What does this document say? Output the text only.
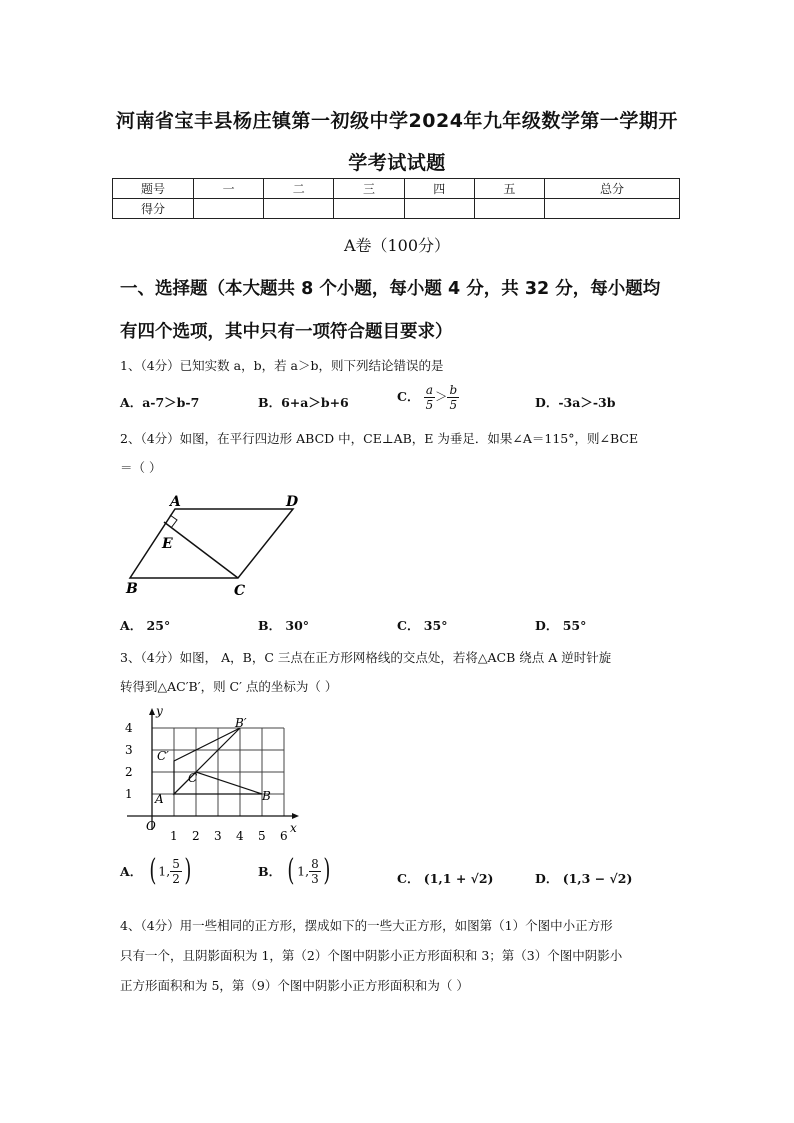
河南省宝丰县杨庄镇第一初级中学2024年九年级数学第一学期开
学考试试题
题号	一	二	三	四	五	总分
得分						
A卷（100分）
一、选择题（本大题共 8 个小题，每小题 4 分，共 32 分，每小题均
有四个选项，其中只有一项符合题目要求）
1、（4分）已知实数 a，b，若 a＞b，则下列结论错误的是
A．a-7＞b-7	B．6+a＞b+6	C． $\frac{a}{5} > \frac{b}{5}$	D．-3a＞-3b
2、（4分）如图，在平行四边形 ABCD 中，CE⊥AB，E 为垂足．如果∠A＝115°，则∠BCE
＝（ ）
A	D
E
B	C
A． 25°	B． 30°	C． 35°	D． 55°
3、（4分）如图， A，B，C 三点在正方形网格线的交点处，若将△ACB 绕点 A 逆时针旋
转得到△AC′B′，则 C′ 点的坐标为（ ）
4
3
2
1
1 2 3 4 5 6
O	x
y
A	B
C
B′
C′
A． ( 1, $\frac{5}{2}$ )	B． ( 1, $\frac{8}{3}$ )	C． (1,1 + √2)	D． (1,3 − √2)
4、（4分）用一些相同的正方形，摆成如下的一些大正方形，如图第（1）个图中小正方形
只有一个，且阴影面积为 1，第（2）个图中阴影小正方形面积和 3；第（3）个图中阴影小
正方形面积和为 5，第（9）个图中阴影小正方形面积和为（ ）
